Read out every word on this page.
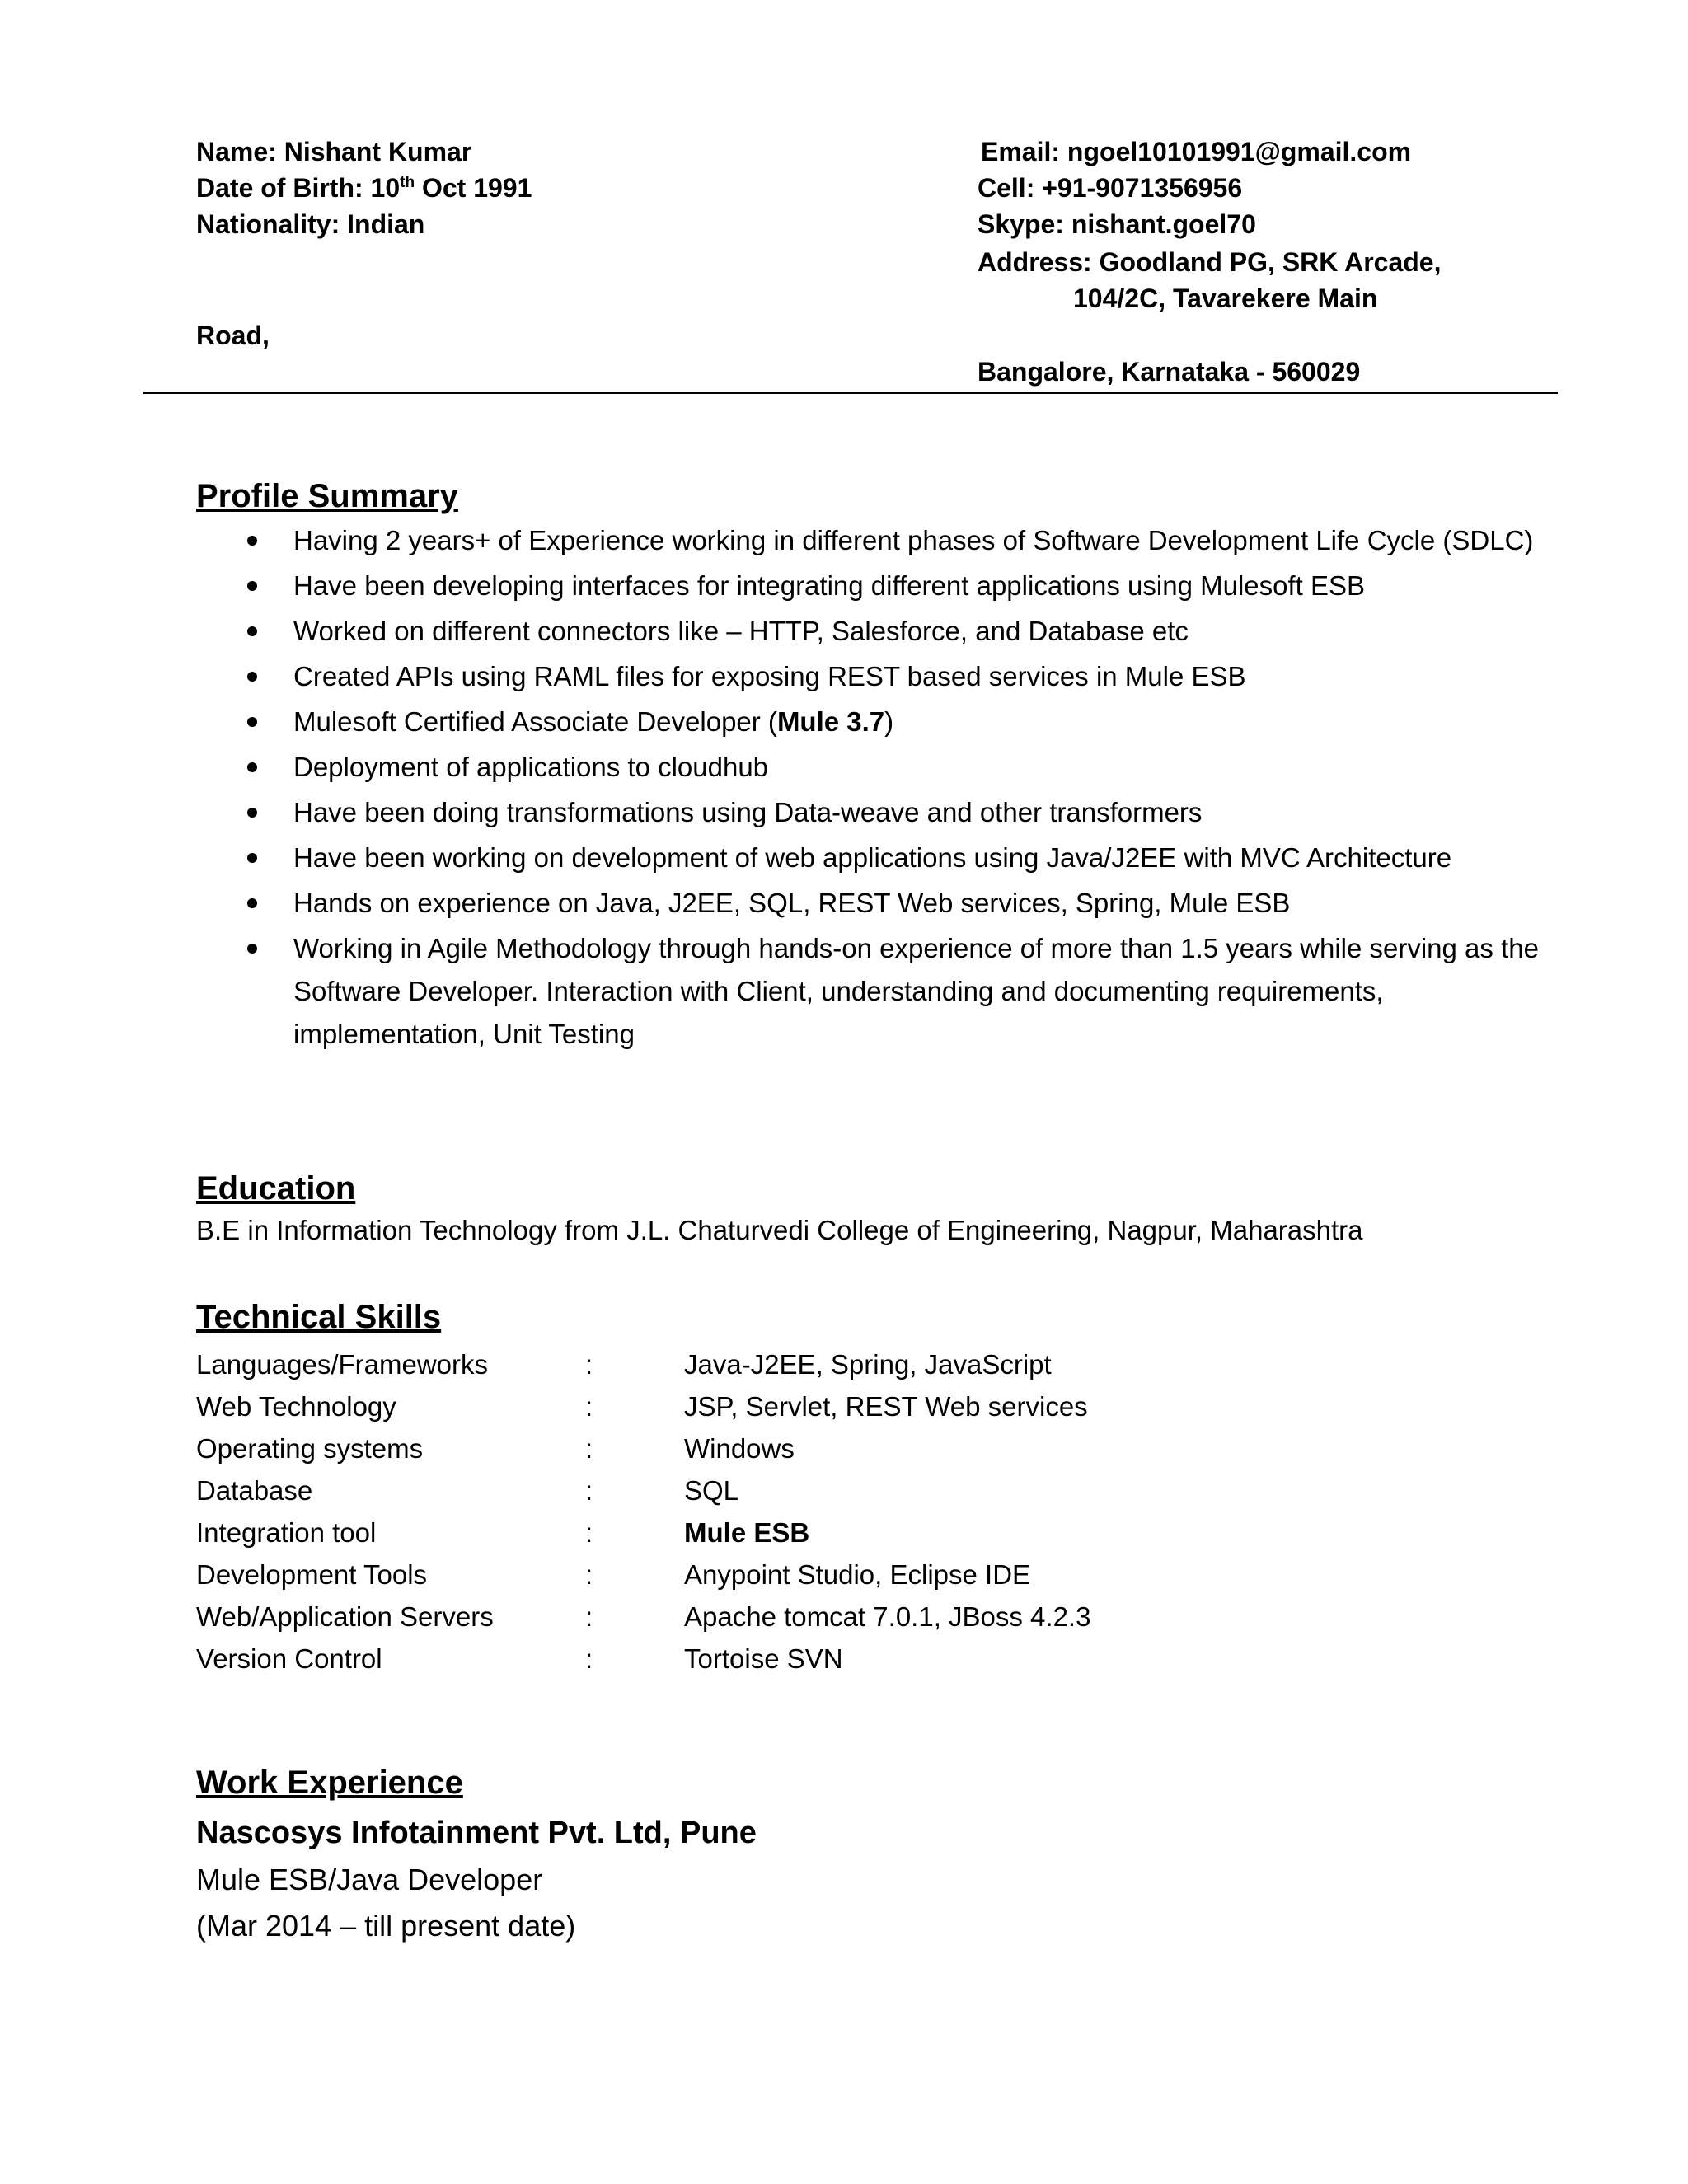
Name: Nishant Kumar
Date of Birth: 10th Oct 1991
Nationality: Indian
Road,
Email: ngoel10101991@gmail.com
Cell: +91-9071356956
Skype: nishant.goel70
Address: Goodland PG, SRK Arcade,
104/2C, Tavarekere Main
Bangalore, Karnataka - 560029
Profile Summary
Having 2 years+ of Experience working in different phases of Software Development Life Cycle (SDLC)
Have been developing interfaces for integrating different applications using Mulesoft ESB
Worked on different connectors like – HTTP, Salesforce, and Database etc
Created APIs using RAML files for exposing REST based services in Mule ESB
Mulesoft Certified Associate Developer (Mule 3.7)
Deployment of applications to cloudhub
Have been doing transformations using Data-weave and other transformers
Have been working on development of web applications using Java/J2EE with MVC Architecture
Hands on experience on Java, J2EE, SQL, REST Web services, Spring, Mule ESB
Working in Agile Methodology through hands-on experience of more than 1.5 years while serving as the Software Developer. Interaction with Client, understanding and documenting requirements, implementation, Unit Testing
Education
B.E in Information Technology from J.L. Chaturvedi College of Engineering, Nagpur, Maharashtra
Technical Skills
Languages/Frameworks	:	Java-J2EE, Spring, JavaScript
Web Technology	:	JSP, Servlet, REST Web services
Operating systems	:	Windows
Database	:	SQL
Integration tool	:	Mule ESB
Development Tools	:	Anypoint Studio, Eclipse IDE
Web/Application Servers	:	Apache tomcat 7.0.1, JBoss 4.2.3
Version Control	:	Tortoise SVN
Work Experience
Nascosys Infotainment Pvt. Ltd, Pune
Mule ESB/Java Developer
(Mar 2014 – till present date)
